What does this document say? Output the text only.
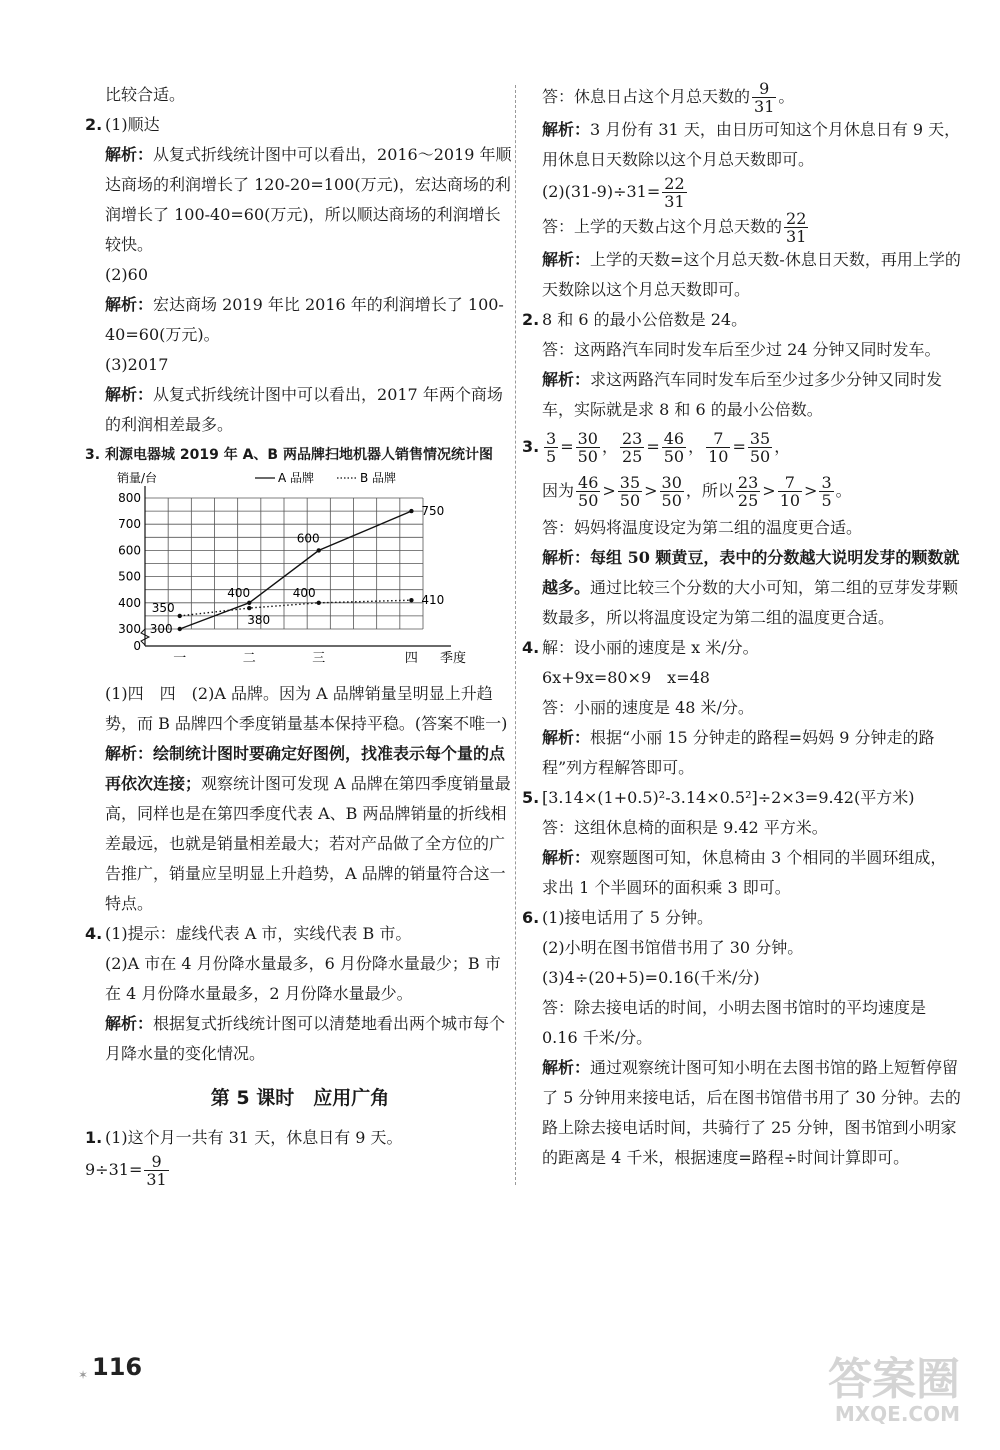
比较合适。

2. (1)顺达

解析：从复式折线统计图中可以看出，2016～2019 年顺达商场的利润增长了 120-20=100(万元)，宏达商场的利润增长了 100-40=60(万元)，所以顺达商场的利润增长较快。

(2)60

解析：宏达商场 2019 年比 2016 年的利润增长了 100-40=60(万元)。

(3)2017

解析：从复式折线统计图中可以看出，2017 年两个商场的利润相差最多。

3. 利源电器城 2019 年 A、B 两品牌扫地机器人销售情况统计图

0
300
400
500
600
700
800
销量/台	A 品牌	B 品牌
一	二	三	四 季度
300
400
600
750
350
380
400
410

(1)四　四　(2)A 品牌。因为 A 品牌销量呈明显上升趋势，而 B 品牌四个季度销量基本保持平稳。(答案不唯一)

解析：绘制统计图时要确定好图例，找准表示每个量的点再依次连接；观察统计图可发现 A 品牌在第四季度销量最高，同样也是在第四季度代表 A、B 两品牌销量的折线相差最远，也就是销量相差最大；若对产品做了全方位的广告推广，销量应呈明显上升趋势，A 品牌的销量符合这一特点。

4. (1)提示：虚线代表 A 市，实线代表 B 市。

(2)A 市在 4 月份降水量最多，6 月份降水量最少；B 市在 4 月份降水量最多，2 月份降水量最少。

解析：根据复式折线统计图可以清楚地看出两个城市每个月降水量的变化情况。

第 5 课时　应用广角

1. (1)这个月一共有 31 天，休息日有 9 天。

$9\div 31= \frac{9}{31}$

答：休息日占这个月总天数的 $\frac{9}{31}$ 。

解析：3 月份有 31 天，由日历可知这个月休息日有 9 天，用休息日天数除以这个月总天数即可。

$(2)(31-9)\div 31= \frac{22}{31}$

答：上学的天数占这个月总天数的 $\frac{22}{31}$

解析：上学的天数=这个月总天数-休息日天数，再用上学的天数除以这个月总天数即可。

2. 8 和 6 的最小公倍数是 24。

答：这两路汽车同时发车后至少过 24 分钟又同时发车。

解析：求这两路汽车同时发车后至少过多少分钟又同时发车，实际就是求 8 和 6 的最小公倍数。

3. $\frac{3}{5} = \frac{30}{50}$ ， $\frac{23}{25} = \frac{46}{50}$ ， $\frac{7}{10} = \frac{35}{50}$ ，

因为 $\frac{46}{50} > \frac{35}{50} > \frac{30}{50}$ ，所以 $\frac{23}{25} > \frac{7}{10} > \frac{3}{5}$ 。

答：妈妈将温度设定为第二组的温度更合适。

解析：每组 50 颗黄豆，表中的分数越大说明发芽的颗数就越多。通过比较三个分数的大小可知，第二组的豆芽发芽颗数最多，所以将温度设定为第二组的温度更合适。

4. 解：设小丽的速度是 x 米/分。

6x+9x=80×9　x=48

答：小丽的速度是 48 米/分。

解析：根据“小丽 15 分钟走的路程=妈妈 9 分钟走的路程”列方程解答即可。

5. [3.14×(1+0.5)²-3.14×0.5²]÷2×3=9.42(平方米)

答：这组休息椅的面积是 9.42 平方米。

解析：观察题图可知，休息椅由 3 个相同的半圆环组成，求出 1 个半圆环的面积乘 3 即可。

6. (1)接电话用了 5 分钟。

(2)小明在图书馆借书用了 30 分钟。

(3)4÷(20+5)=0.16(千米/分)

答：除去接电话的时间，小明去图书馆时的平均速度是 0.16 千米/分。

解析：通过观察统计图可知小明在去图书馆的路上短暂停留了 5 分钟用来接电话，后在图书馆借书用了 30 分钟。去的路上除去接电话时间，共骑行了 25 分钟，图书馆到小明家的距离是 4 千米，根据速度=路程÷时间计算即可。

✶ 116	答案圈
MXQE.COM
